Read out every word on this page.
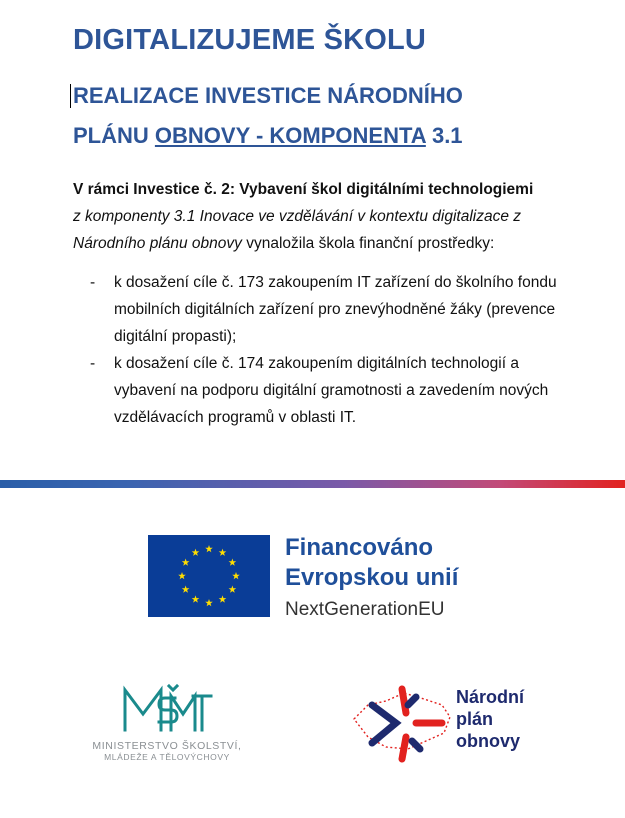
DIGITALIZUJEME ŠKOLU
REALIZACE INVESTICE NÁRODNÍHO
PLÁNU OBNOVY - KOMPONENTA 3.1

V rámci Investice č. 2: Vybavení škol digitálními technologiemi
z komponenty 3.1 Inovace ve vzdělávání v kontextu digitalizace z Národního plánu obnovy vynaložila škola finanční prostředky:

- k dosažení cíle č. 173 zakoupením IT zařízení do školního fondu mobilních digitálních zařízení pro znevýhodněné žáky (prevence digitální propasti);
- k dosažení cíle č. 174 zakoupením digitálních technologií a vybavení na podporu digitální gramotnosti a zavedením nových vzdělávacích programů v oblasti IT.
Financováno
Evropskou unií
NextGenerationEU
MINISTERSTVO ŠKOLSTVÍ,
MLÁDEŽE A TĚLOVÝCHOVY
Národní
plán
obnovy
